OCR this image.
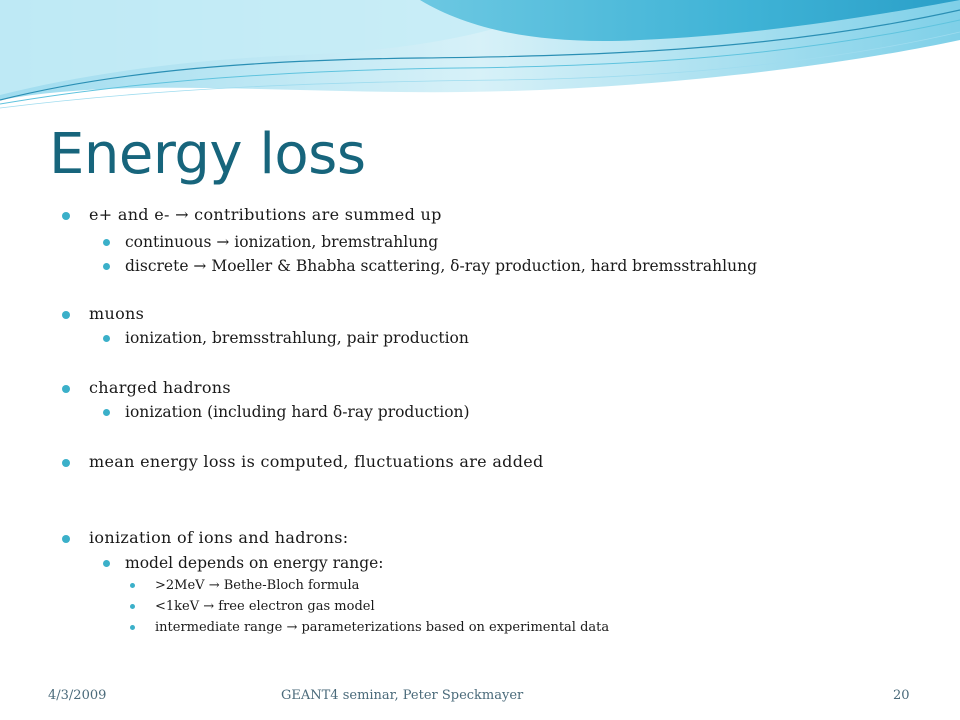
Energy loss
e+ and e- → contributions are summed up
continuous → ionization, bremstrahlung
discrete → Moeller & Bhabha scattering, δ-ray production, hard bremsstrahlung
muons
ionization, bremsstrahlung, pair production
charged hadrons
ionization (including hard δ-ray production)
mean energy loss is computed, fluctuations are added
ionization of ions and hadrons:
model depends on energy range:
>2MeV → Bethe-Bloch formula
<1keV → free electron gas model
intermediate range → parameterizations based on experimental data
4/3/2009	GEANT4 seminar, Peter Speckmayer	20
